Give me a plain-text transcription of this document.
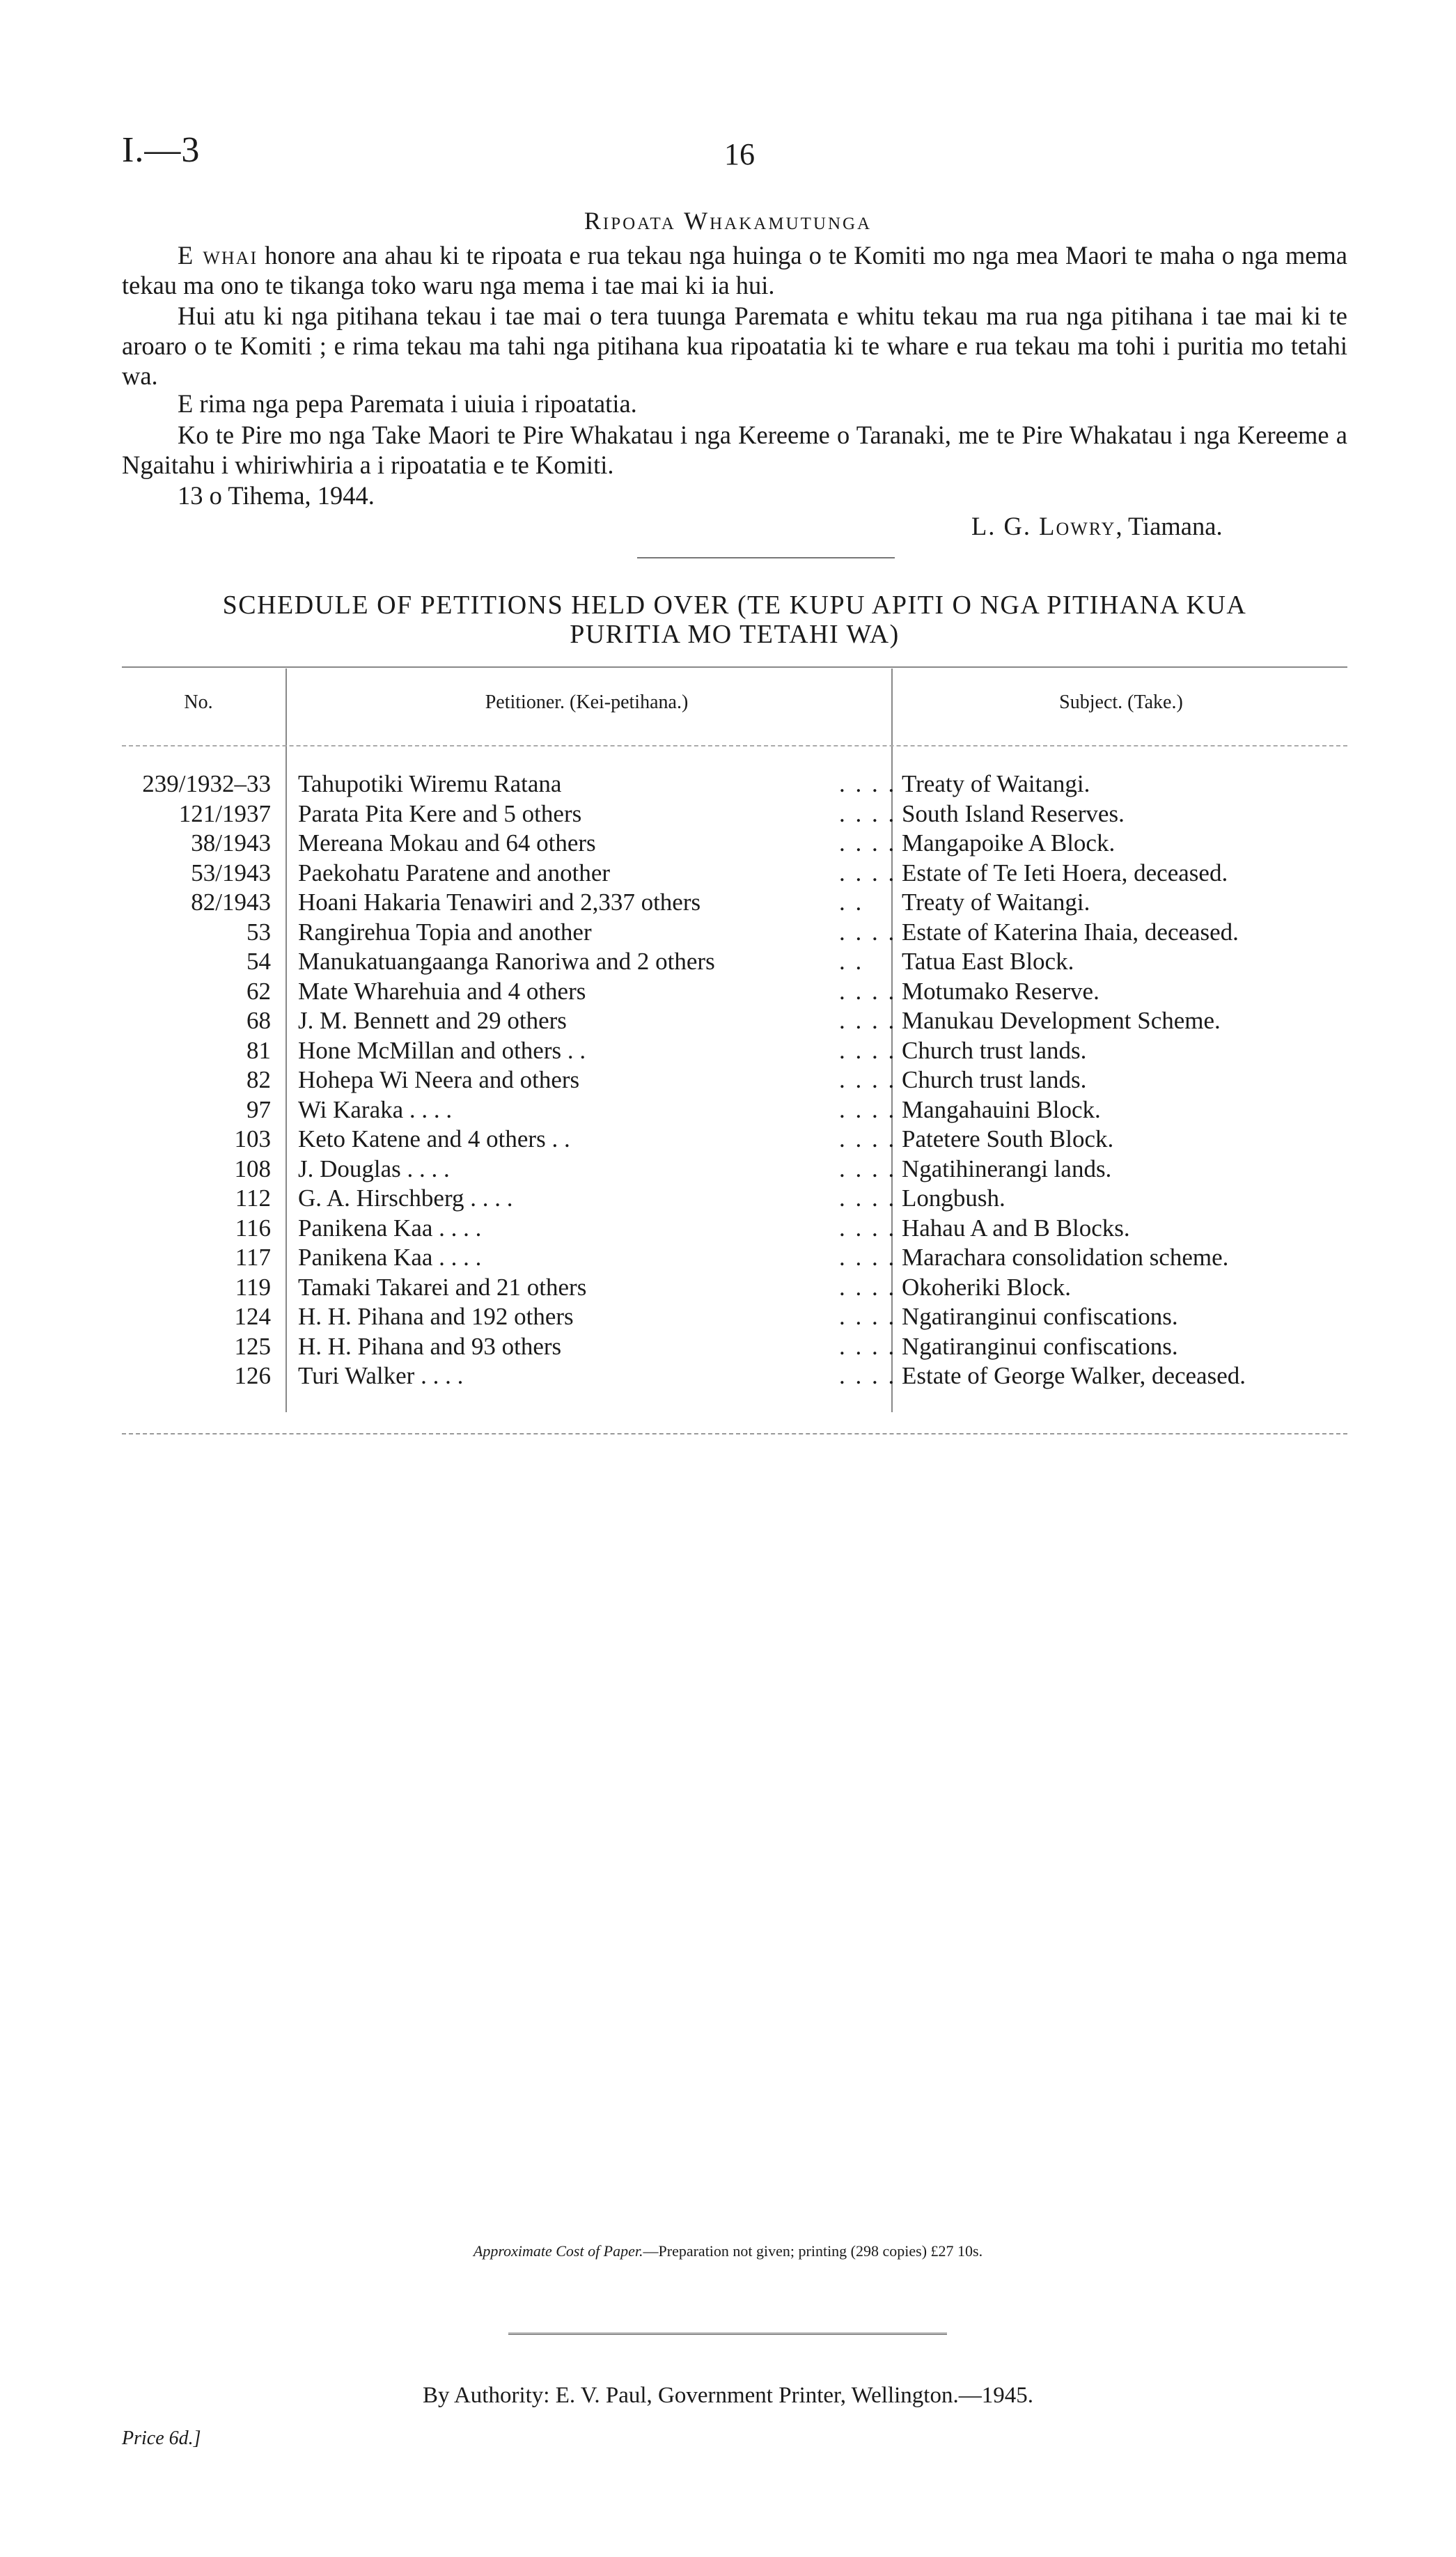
I.—3	16
Ripoata Whakamutunga
E whai honore ana ahau ki te ripoata e rua tekau nga huinga o te Komiti mo nga mea Maori te maha o nga mema tekau ma ono te tikanga toko waru nga mema i tae mai ki ia hui.
Hui atu ki nga pitihana tekau i tae mai o tera tuunga Paremata e whitu tekau ma rua nga pitihana i tae mai ki te aroaro o te Komiti ; e rima tekau ma tahi nga pitihana kua ripoatatia ki te whare e rua tekau ma tohi i puritia mo tetahi wa.
E rima nga pepa Paremata i uiuia i ripoatatia.
Ko te Pire mo nga Take Maori te Pire Whakatau i nga Kereeme o Taranaki, me te Pire Whakatau i nga Kereeme a Ngaitahu i whiriwhiria a i ripoatatia e te Komiti.
13 o Tihema, 1944.
L. G. Lowry, Tiamana.
SCHEDULE OF PETITIONS HELD OVER (TE KUPU APITI O NGA PITIHANA KUA
PURITIA MO TETAHI WA)
No.	Petitioner. (Kei-petihana.)	Subject. (Take.)
239/1932–33 Tahupotiki Wiremu Ratana	. . . . Treaty of Waitangi.
121/1937 Parata Pita Kere and 5 others	. . . . South Island Reserves.
38/1943 Mereana Mokau and 64 others	. . . . Mangapoike A Block.
53/1943 Paekohatu Paratene and another	. . . . Estate of Te Ieti Hoera, deceased.
82/1943 Hoani Hakaria Tenawiri and 2,337 others	. . Treaty of Waitangi.
53 Rangirehua Topia and another	. . . . Estate of Katerina Ihaia, deceased.
54 Manukatuangaanga Ranoriwa and 2 others	. . Tatua East Block.
62 Mate Wharehuia and 4 others	. . . . Motumako Reserve.
68 J. M. Bennett and 29 others	. . . . Manukau Development Scheme.
81 Hone McMillan and others . .	. . . . Church trust lands.
82 Hohepa Wi Neera and others	. . . . Church trust lands.
97 Wi Karaka . . . .	. . . . Mangahauini Block.
103 Keto Katene and 4 others . .	. . . . Patetere South Block.
108 J. Douglas . . . .	. . . . Ngatihinerangi lands.
112 G. A. Hirschberg . . . .	. . . . Longbush.
116 Panikena Kaa . . . .	. . . . Hahau A and B Blocks.
117 Panikena Kaa . . . .	. . . . Marachara consolidation scheme.
119 Tamaki Takarei and 21 others	. . . . Okoheriki Block.
124 H. H. Pihana and 192 others	. . . . Ngatiranginui confiscations.
125 H. H. Pihana and 93 others	. . . . Ngatiranginui confiscations.
126 Turi Walker . . . .	. . . . Estate of George Walker, deceased.
Approximate Cost of Paper.—Preparation not given; printing (298 copies) £27 10s.
By Authority: E. V. Paul, Government Printer, Wellington.—1945.
Price 6d.]
